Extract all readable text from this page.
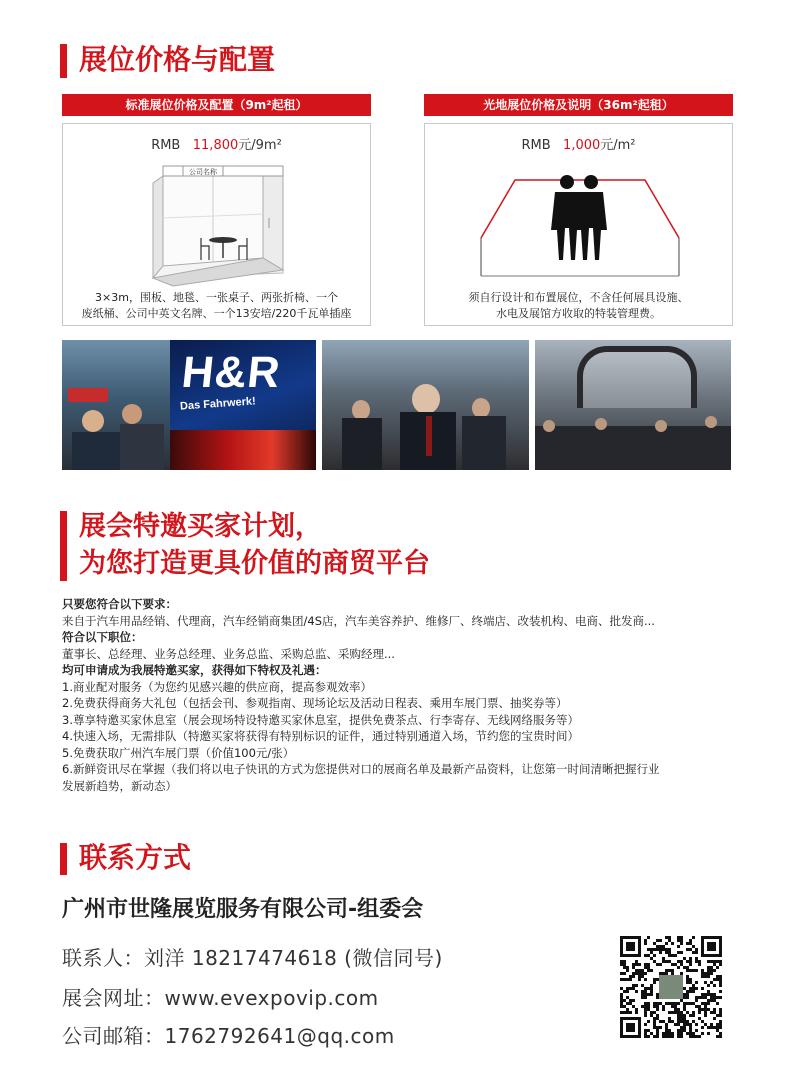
展位价格与配置
标准展位价格及配置（9m²起租）
RMB 11,800元/9m²
公司名称
3×3m，围板、地毯、一张桌子、两张折椅、一个
废纸桶、公司中英文名牌、一个13安培/220千瓦单插座
光地展位价格及说明（36m²起租）
RMB 1,000元/m²
须自行设计和布置展位，不含任何展具设施、
水电及展馆方收取的特装管理费。
H&R
Das Fahrwerk!
展会特邀买家计划，
为您打造更具价值的商贸平台
只要您符合以下要求：
来自于汽车用品经销、代理商，汽车经销商集团/4S店，汽车美容养护、维修厂、终端店、改装机构、电商、批发商...
符合以下职位：
董事长、总经理、业务总经理、业务总监、采购总监、采购经理...
均可申请成为我展特邀买家，获得如下特权及礼遇：
1.商业配对服务（为您约见感兴趣的供应商，提高参观效率）
2.免费获得商务大礼包（包括会刊、参观指南、现场论坛及活动日程表、乘用车展门票、抽奖券等）
3.尊享特邀买家休息室（展会现场特设特邀买家休息室，提供免费茶点、行李寄存、无线网络服务等）
4.快速入场，无需排队（特邀买家将获得有特别标识的证件，通过特别通道入场，节约您的宝贵时间）
5.免费获取广州汽车展门票（价值100元/张）
6.新鲜资讯尽在掌握（我们将以电子快讯的方式为您提供对口的展商名单及最新产品资料，让您第一时间清晰把握行业
发展新趋势，新动态）
联系方式
广州市世隆展览服务有限公司-组委会
联系人：刘洋 18217474618 (微信同号)
展会网址：www.evexpovip.com
公司邮箱：1762792641@qq.com
